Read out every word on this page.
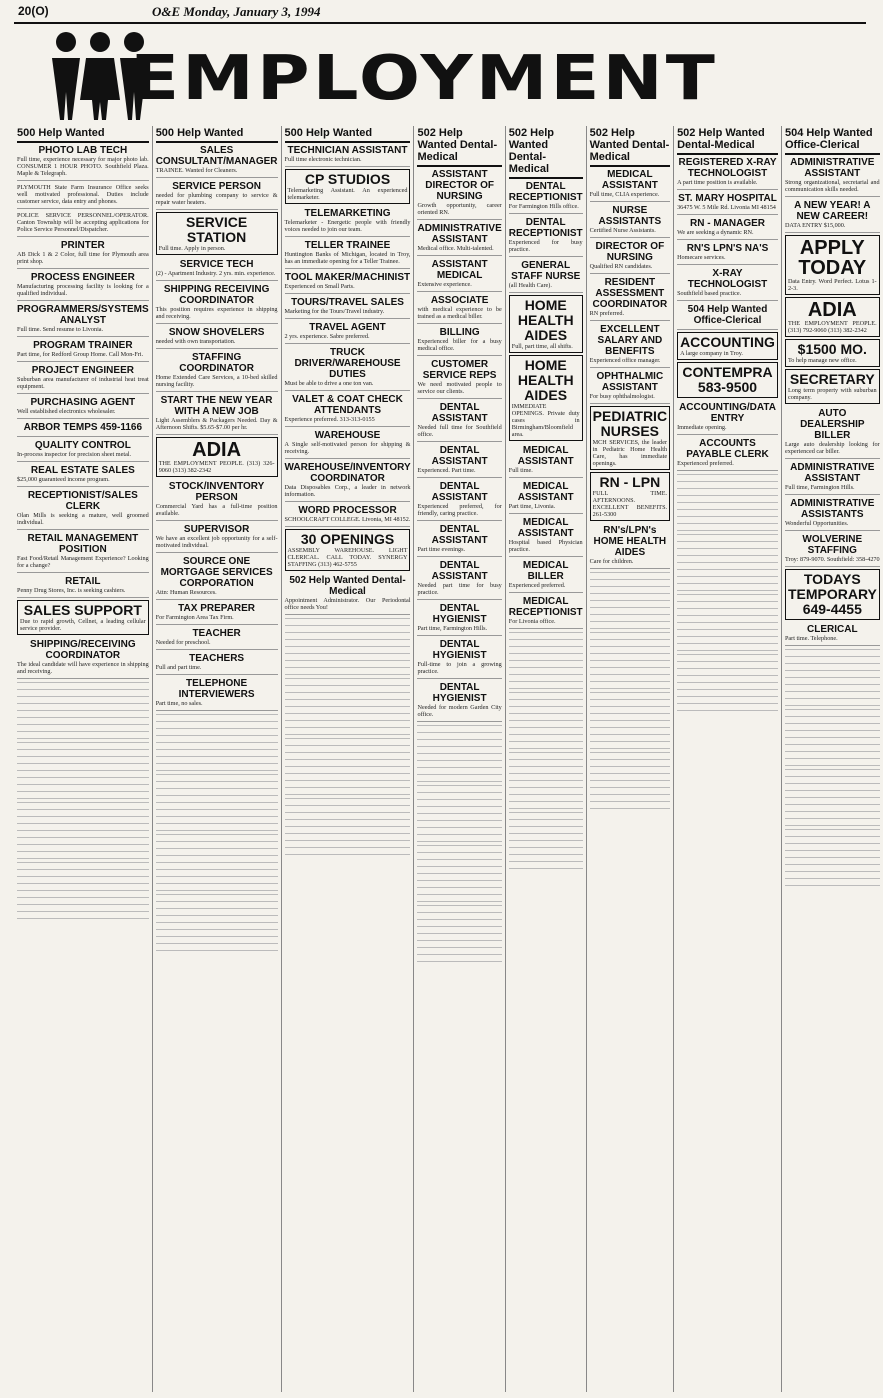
20(O)	O&E Monday, January 3, 1994
EMPLOYMENT
500 Help Wanted
PHOTO LAB TECH
Full time, experience necessary for major photo lab. CONSUMER 1 HOUR PHOTO. Southfield Plaza. Maple & Telegraph.
PLYMOUTH State Farm Insurance Office seeks well motivated professional. Duties include customer service, data entry and phones.
POLICE SERVICE PERSONNEL/OPERATOR. Canton Township will be accepting applications for Police Service Personnel/Dispatcher.
PRINTER
AB Dick 1 & 2 Color, full time for Plymouth area print shop.
PROCESS ENGINEER
Manufacturing processing facility is looking for a qualified individual.
PROGRAMMERS/SYSTEMS ANALYST
Full time. Send resume to Livonia.
PROGRAM TRAINER
Part time, for Redford Group Home. Call Mon-Fri.
PROJECT ENGINEER
Suburban area manufacturer of industrial heat treat equipment.
PURCHASING AGENT
Well established electronics wholesaler.
ARBOR TEMPS 459-1166
QUALITY CONTROL
In-process inspector for precision sheet metal.
REAL ESTATE SALES
$25,000 guaranteed income program.
RECEPTIONIST/SALES CLERK
Olan Mills is seeking a mature, well groomed individual.
RETAIL MANAGEMENT POSITION
Fast Food/Retail Management Experience? Looking for a change?
RETAIL
Penny Drug Stores, Inc. is seeking cashiers.
SALES SUPPORT
Due to rapid growth, Cellnet, a leading cellular service provider.
SHIPPING/RECEIVING COORDINATOR
The ideal candidate will have experience in shipping and receiving.
500 Help Wanted
SALES CONSULTANT/MANAGER
TRAINEE. Wanted for Cleaners.
SERVICE PERSON
needed for plumbing company to service & repair water heaters.
SERVICE STATION
Full time. Apply in person.
SERVICE TECH
(2) - Apartment Industry. 2 yrs. min. experience.
SHIPPING RECEIVING COORDINATOR
This position requires experience in shipping and receiving.
SNOW SHOVELERS
needed with own transportation.
STAFFING COORDINATOR
Home Extended Care Services, a 10-bed skilled nursing facility.
START THE NEW YEAR WITH A NEW JOB
Light Assemblers & Packagers Needed. Day & Afternoon Shifts. $5.65-$7.00 per hr.
ADIA
THE EMPLOYMENT PEOPLE. (313) 326-9060 (313) 382-2342
STOCK/INVENTORY PERSON
Commercial Yard has a full-time position available.
SUPERVISOR
We have an excellent job opportunity for a self-motivated individual.
SOURCE ONE MORTGAGE SERVICES CORPORATION
Attn: Human Resources.
TAX PREPARER
For Farmington Area Tax Firm.
TEACHER
Needed for preschool.
TEACHERS
Full and part time.
TELEPHONE INTERVIEWERS
Part time, no sales.
500 Help Wanted
TECHNICIAN ASSISTANT
Full time electronic technician.
CP STUDIOS
Telemarketing Assistant. An experienced telemarketer.
TELEMARKETING
Telemarketer - Energetic people with friendly voices needed to join our team.
TELLER TRAINEE
Huntington Banks of Michigan, located in Troy, has an immediate opening for a Teller Trainee.
TOOL MAKER/MACHINIST
Experienced on Small Parts.
TOURS/TRAVEL SALES
Marketing for the Tours/Travel industry.
TRAVEL AGENT
2 yrs. experience. Sabre preferred.
TRUCK DRIVER/WAREHOUSE DUTIES
Must be able to drive a one ton van.
VALET & COAT CHECK ATTENDANTS
Experience preferred. 313-313-0155
WAREHOUSE
A Single self-motivated person for shipping & receiving.
WAREHOUSE/INVENTORY COORDINATOR
Data Disposables Corp., a leader in network information.
WORD PROCESSOR
SCHOOLCRAFT COLLEGE. Livonia, MI 48152.
30 OPENINGS
ASSEMBLY WAREHOUSE. LIGHT CLERICAL. CALL TODAY. SYNERGY STAFFING (313) 462-5755
502 Help Wanted Dental-Medical
Appointment Administrator. Our Periodontal office needs You!
502 Help Wanted Dental-Medical
ASSISTANT DIRECTOR OF NURSING
Growth opportunity, career oriented RN.
ADMINISTRATIVE ASSISTANT
Medical office. Multi-talented.
ASSISTANT MEDICAL
Extensive experience.
ASSOCIATE
with medical experience to be trained as a medical biller.
BILLING
Experienced biller for a busy medical office.
CUSTOMER SERVICE REPS
We need motivated people to service our clients.
DENTAL ASSISTANT
Needed full time for Southfield office.
DENTAL ASSISTANT
Experienced. Part time.
DENTAL ASSISTANT
Experienced preferred, for friendly, caring practice.
DENTAL ASSISTANT
Part time evenings.
DENTAL ASSISTANT
Needed part time for busy practice.
DENTAL HYGIENIST
Part time, Farmington Hills.
DENTAL HYGIENIST
Full-time to join a growing practice.
DENTAL HYGIENIST
Needed for modern Garden City office.
502 Help Wanted Dental-Medical
DENTAL RECEPTIONIST
For Farmington Hills office.
DENTAL RECEPTIONIST
Experienced for busy practice.
GENERAL STAFF NURSE
(all Health Care).
HOME HEALTH AIDES
Full, part time, all shifts.
HOME HEALTH AIDES
IMMEDIATE OPENINGS. Private duty cases in Birmingham/Bloomfield area.
MEDICAL ASSISTANT
Full time.
MEDICAL ASSISTANT
Part time, Livonia.
MEDICAL ASSISTANT
Hospital based Physician practice.
MEDICAL BILLER
Experienced preferred.
MEDICAL RECEPTIONIST
For Livonia office.
502 Help Wanted Dental-Medical
MEDICAL ASSISTANT
Full time, CLIA experience.
NURSE ASSISTANTS
Certified Nurse Assistants.
DIRECTOR OF NURSING
Qualified RN candidates.
RESIDENT ASSESSMENT COORDINATOR
RN preferred.
EXCELLENT SALARY AND BENEFITS
Experienced office manager.
OPHTHALMIC ASSISTANT
For busy ophthalmologist.
PEDIATRIC NURSES
MCH SERVICES, the leader in Pediatric Home Health Care, has immediate openings.
RN - LPN
FULL TIME. AFTERNOONS. EXCELLENT BENEFITS. 261-5300
RN's/LPN's HOME HEALTH AIDES
Care for children.
502 Help Wanted Dental-Medical
REGISTERED X-RAY TECHNOLOGIST
A part time position is available.
ST. MARY HOSPITAL
36475 W. 5 Mile Rd. Livonia MI 48154
RN - MANAGER
We are seeking a dynamic RN.
RN'S LPN'S NA'S
Homecare services.
X-RAY TECHNOLOGIST
Southfield based practice.
504 Help Wanted Office-Clerical
ACCOUNTING
A large company in Troy.
CONTEMPRA 583-9500
ACCOUNTING/DATA ENTRY
Immediate opening.
ACCOUNTS PAYABLE CLERK
Experienced preferred.
504 Help Wanted Office-Clerical
ADMINISTRATIVE ASSISTANT
Strong organizational, secretarial and communication skills needed.
A NEW YEAR! A NEW CAREER!
DATA ENTRY $15,000.
APPLY TODAY
Data Entry. Word Perfect. Lotus 1-2-3.
ADIA
THE EMPLOYMENT PEOPLE. (313) 792-9060 (313) 382-2342
$1500 MO.
To help manage new office.
SECRETARY
Long term property with suburban company.
AUTO DEALERSHIP BILLER
Large auto dealership looking for experienced car biller.
ADMINISTRATIVE ASSISTANT
Full time, Farmington Hills.
ADMINISTRATIVE ASSISTANTS
Wonderful Opportunities.
WOLVERINE STAFFING
Troy: 879-9070. Southfield: 358-4270
TODAYS TEMPORARY 649-4455
CLERICAL
Part time. Telephone.
